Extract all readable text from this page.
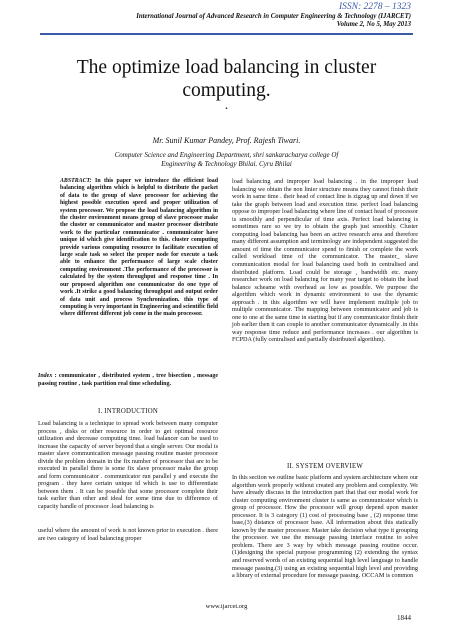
ISSN: 2278 – 1323
International Journal of Advanced Research in Computer Engineering & Technology (IJARCET)
Volume 2, No 5, May 2013
The optimize load balancing in cluster computing.
.
Mr. Sunil Kumar Pandey, Prof. Rajesh Tiwari.
Computer Science and Engineering Department, shri sankaracharya college Of Engineering & Technology Bhilai. Cyru Bhilai
ABSTRACT: In this paper we introduce the efficient load balancing algorithm which is helpful to distribute the packet of data to the group of slave processor for achieving the highest possible execution speed and proper utilization of system processor. We propose the load balancing algorithm in the cluster environment means group of slave processor make the cluster or communicator and master processor distribute work to the particular communicator . communicator have unique id which give identification to this. cluster computing provide various computing resource to facilitate execution of large scale task so select the proper node for execute a task able to enhance the performance of large scale cluster computing environment .The performance of the processor is calculated by the system throughput and response time . In our proposed algorithm one communicator do one type of work .It strike a good balancing throughput and output order of data unit and process Synchronization. this type of computing is very important in Engineering and scientific field where different different job come in the main processor.
Index : communicator , distributed system , tree bisection , message passing routine , task partition real time scheduling.
I. INTRODUCTION
Load balancing is a technique to spread work between many computer process , disks or other resource in order to get optimal resource utilization and decrease computing time. load balancer can be used to increase the capacity of server beyond that a single server. Our modal is master slave communication message passing routine master processor divide the problem domain in the fix number of processor that are to be executed in parallel there is some fix slave processor make the group and form communicator . communicator run parallel y and execute the program . they have certain unique id which is use to differentiate between them . It can be possible that some processor complete their task earlier than other and ideal for some time due to difference of capacity handle of processor .load balancing is
useful where the amount of work is not known prior to execution . there are two category of load balancing proper
load balancing and improper load balancing . in the improper load balancing we obtain the non linier structure means they cannot finish their work in same time . their head of contact line is zigzag up and down if we take the graph between load and execution time. perfect load balancing oppose to improper load balancing where line of contact head of processor is smoothly and perpendicular of time axis. Perfect load balancing is sometimes rare so we try to obtain the graph just smoothly. Cluster computing load balancing has been an active research area and therefore many different assumption and terminology are independent suggested the amount of time the communicator spend to finish or complete the work called workload time of the communicator. The master_ slave communication modal for load balancing used both in centralised and distributed platform. Load could be storage , bandwidth etc. many researcher work on load balancing for many year target to obtain the load balance scheame with overhead as low as possible. We purpose the algorithm which work in dynamic environment to use the dynamic approach . in this algorithm we will have implement multiple job to multiple communicator. The mapping between communicator and job is one to one at the same time in starting but if any communicator finish their job earlier then it can couple to another communicator dynamically .in this way response time reduce and performance increases . our algorithm is FCPDA (fully centralised and partially distributed algorithm).
II. SYSTEM OVERVIEW
In this section we outline basic platform and system architecture where our algorithm work properly without created any problem and complexity. We have already discuss in the introduction part that that our modal work for cluster computing environment cluster is same as communicator which is group of processor. How the processor will group depend upon master processor. It is 3 category (1) cost of processing base , (2) response time base,(3) distance of processor base. All information about this statically known by the master processor. Master take decision what type it grouping the processor. we use the message passing interface routine to solve problem. There are 3 way by which message passing routine occur. (1)designing the special purpose programming (2) extending the syntax and reserved words of an existing sequential high level language to handle message passing.(3) using an existing sequential high level and providing a library of external procedure for message passing. OCCAM is common
www.ijarcet.org
1844
